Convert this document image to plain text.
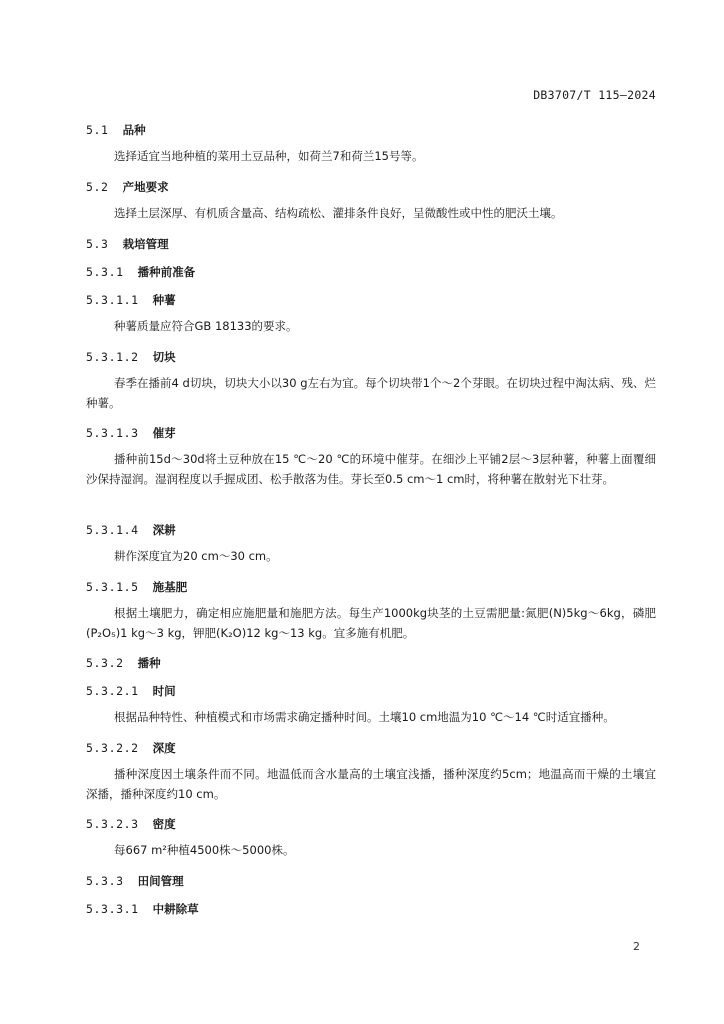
DB3707/T 115—2024
5.1 品种
选择适宜当地种植的菜用土豆品种，如荷兰7和荷兰15号等。
5.2 产地要求
选择土层深厚、有机质含量高、结构疏松、灌排条件良好，呈微酸性或中性的肥沃土壤。
5.3 栽培管理
5.3.1 播种前准备
5.3.1.1 种薯
种薯质量应符合GB 18133的要求。
5.3.1.2 切块
春季在播前4 d切块，切块大小以30 g左右为宜。每个切块带1个～2个芽眼。在切块过程中淘汰病、残、烂种薯。
5.3.1.3 催芽
播种前15d～30d将土豆种放在15 ℃～20 ℃的环境中催芽。在细沙上平铺2层～3层种薯，种薯上面覆细沙保持湿润。湿润程度以手握成团、松手散落为佳。芽长至0.5 cm～1 cm时，将种薯在散射光下壮芽。
5.3.1.4 深耕
耕作深度宜为20 cm～30 cm。
5.3.1.5 施基肥
根据土壤肥力，确定相应施肥量和施肥方法。每生产1000kg块茎的土豆需肥量:氮肥(N)5kg～6kg，磷肥(P₂O₅)1 kg～3 kg，钾肥(K₂O)12 kg～13 kg。宜多施有机肥。
5.3.2 播种
5.3.2.1 时间
根据品种特性、种植模式和市场需求确定播种时间。土壤10 cm地温为10 ℃～14 ℃时适宜播种。
5.3.2.2 深度
播种深度因土壤条件而不同。地温低而含水量高的土壤宜浅播，播种深度约5cm；地温高而干燥的土壤宜深播，播种深度约10 cm。
5.3.2.3 密度
每667 m²种植4500株～5000株。
5.3.3 田间管理
5.3.3.1 中耕除草
2
